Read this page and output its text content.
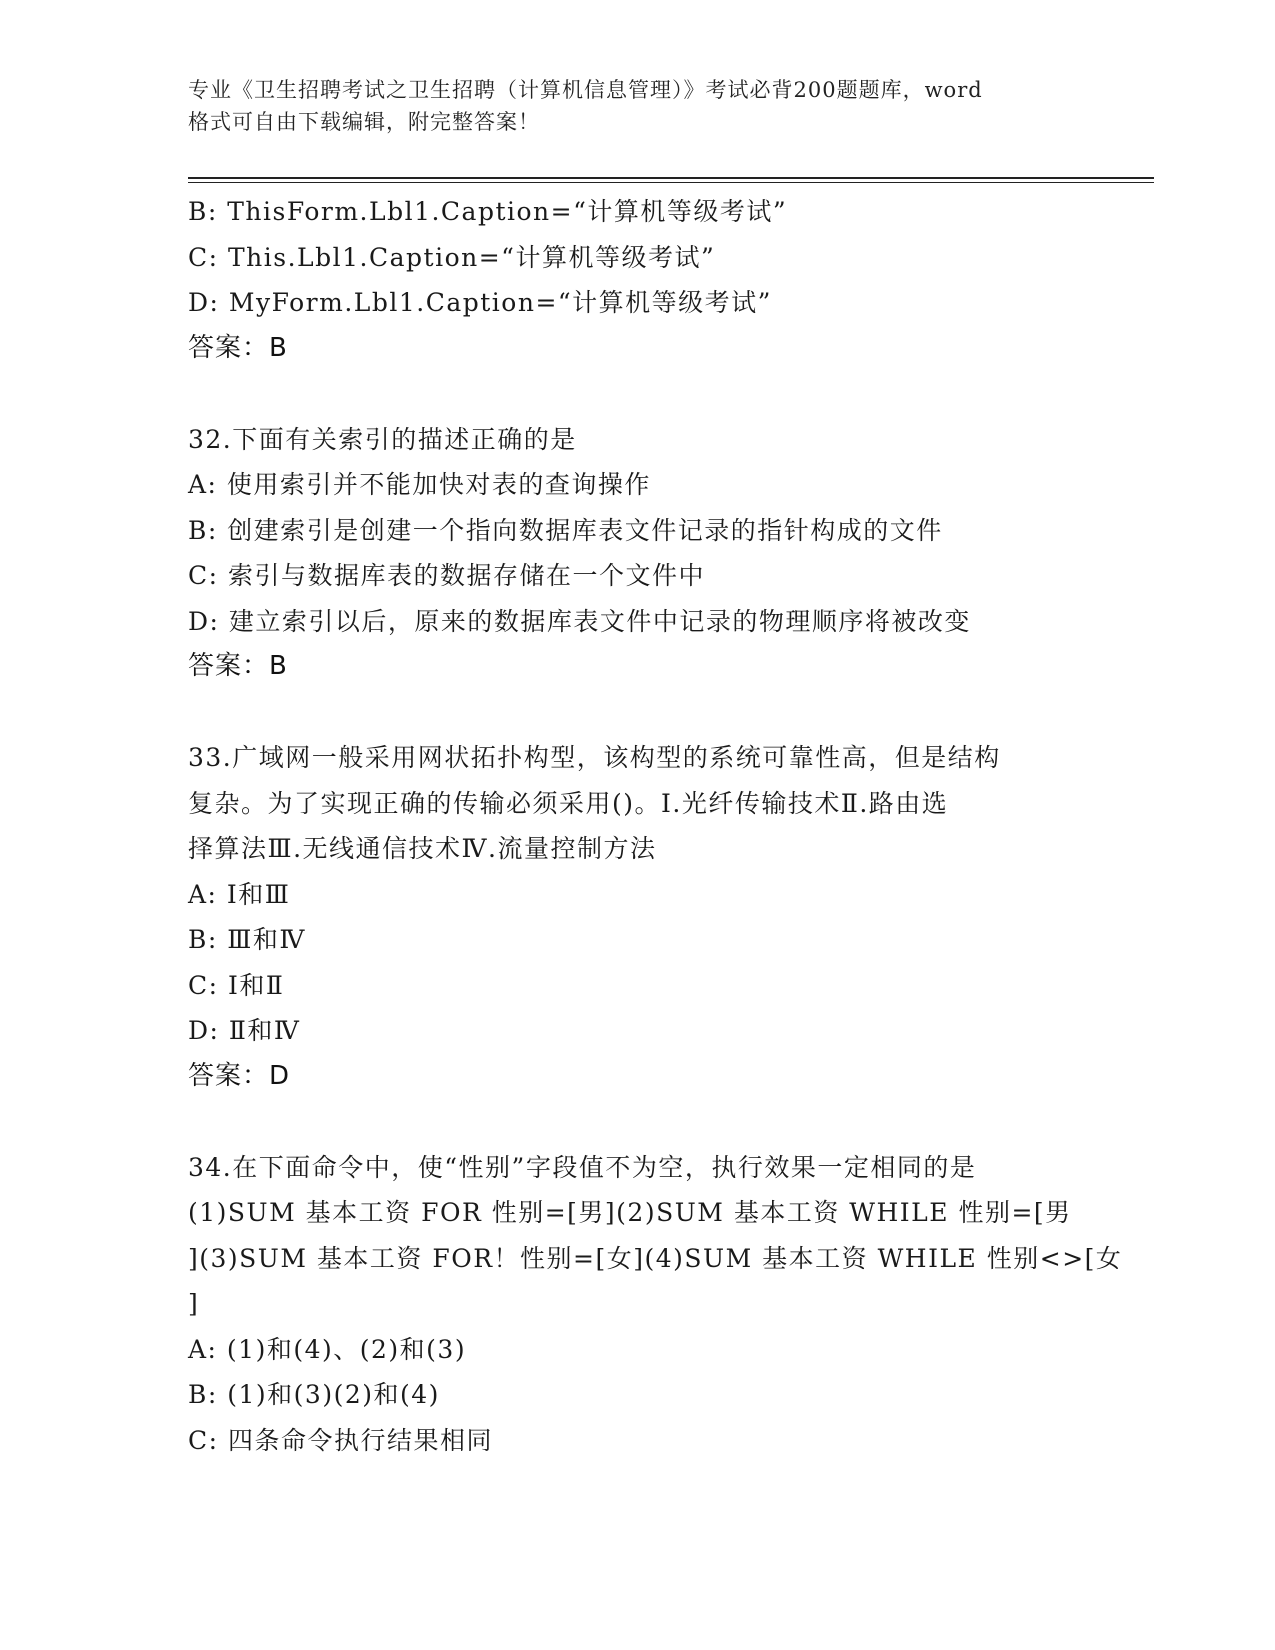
专业《卫生招聘考试之卫生招聘（计算机信息管理）》考试必背200题题库，word
格式可自由下载编辑，附完整答案！
B: ThisForm.Lbl1.Caption=“计算机等级考试”
C: This.Lbl1.Caption=“计算机等级考试”
D: MyForm.Lbl1.Caption=“计算机等级考试”
答案：B
32.下面有关索引的描述正确的是
A: 使用索引并不能加快对表的查询操作
B: 创建索引是创建一个指向数据库表文件记录的指针构成的文件
C: 索引与数据库表的数据存储在一个文件中
D: 建立索引以后，原来的数据库表文件中记录的物理顺序将被改变
答案：B
33.广域网一般采用网状拓扑构型，该构型的系统可靠性高，但是结构
复杂。为了实现正确的传输必须采用()。Ⅰ.光纤传输技术Ⅱ.路由选
择算法Ⅲ.无线通信技术Ⅳ.流量控制方法
A: Ⅰ和Ⅲ
B: Ⅲ和Ⅳ
C: Ⅰ和Ⅱ
D: Ⅱ和Ⅳ
答案：D
34.在下面命令中，使“性别”字段值不为空，执行效果一定相同的是
(1)SUM 基本工资 FOR 性别=[男](2)SUM 基本工资 WHILE 性别=[男
](3)SUM 基本工资 FOR！性别=[女](4)SUM 基本工资 WHILE 性别<>[女
]
A: (1)和(4)、(2)和(3)
B: (1)和(3)(2)和(4)
C: 四条命令执行结果相同
